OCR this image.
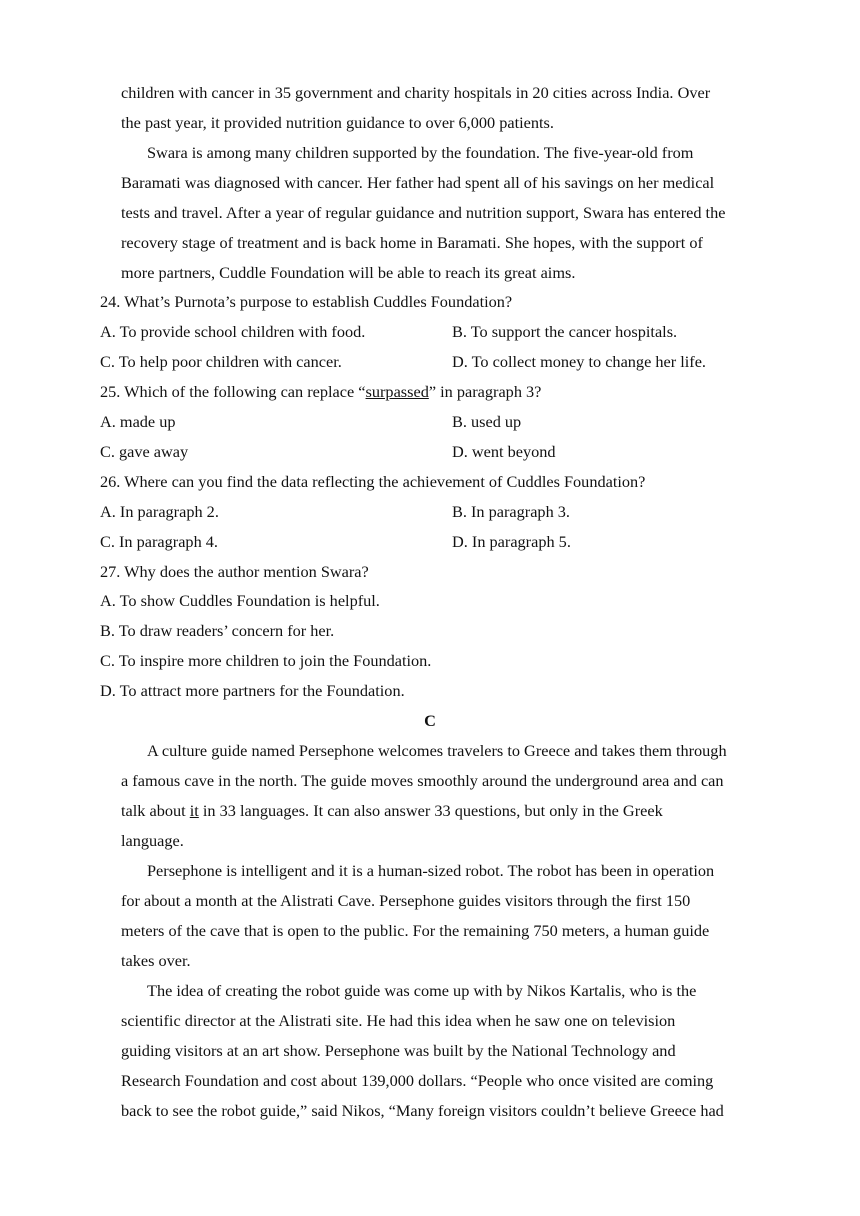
children with cancer in 35 government and charity hospitals in 20 cities across India. Over
the past year, it provided nutrition guidance to over 6,000 patients.
Swara is among many children supported by the foundation. The five-year-old from
Baramati was diagnosed with cancer. Her father had spent all of his savings on her medical
tests and travel. After a year of regular guidance and nutrition support, Swara has entered the
recovery stage of treatment and is back home in Baramati. She hopes, with the support of
more partners, Cuddle Foundation will be able to reach its great aims.
24. What’s Purnota’s purpose to establish Cuddles Foundation?
A. To provide school children with food.	B. To support the cancer hospitals.
C. To help poor children with cancer.	D. To collect money to change her life.
25. Which of the following can replace “surpassed” in paragraph 3?
A. made up	B. used up
C. gave away	D. went beyond
26. Where can you find the data reflecting the achievement of Cuddles Foundation?
A. In paragraph 2.	B. In paragraph 3.
C. In paragraph 4.	D. In paragraph 5.
27. Why does the author mention Swara?
A. To show Cuddles Foundation is helpful.
B. To draw readers’ concern for her.
C. To inspire more children to join the Foundation.
D. To attract more partners for the Foundation.
C
A culture guide named Persephone welcomes travelers to Greece and takes them through
a famous cave in the north. The guide moves smoothly around the underground area and can
talk about it in 33 languages. It can also answer 33 questions, but only in the Greek
language.
Persephone is intelligent and it is a human-sized robot. The robot has been in operation
for about a month at the Alistrati Cave. Persephone guides visitors through the first 150
meters of the cave that is open to the public. For the remaining 750 meters, a human guide
takes over.
The idea of creating the robot guide was come up with by Nikos Kartalis, who is the
scientific director at the Alistrati site. He had this idea when he saw one on television
guiding visitors at an art show. Persephone was built by the National Technology and
Research Foundation and cost about 139,000 dollars. “People who once visited are coming
back to see the robot guide,” said Nikos, “Many foreign visitors couldn’t believe Greece had
